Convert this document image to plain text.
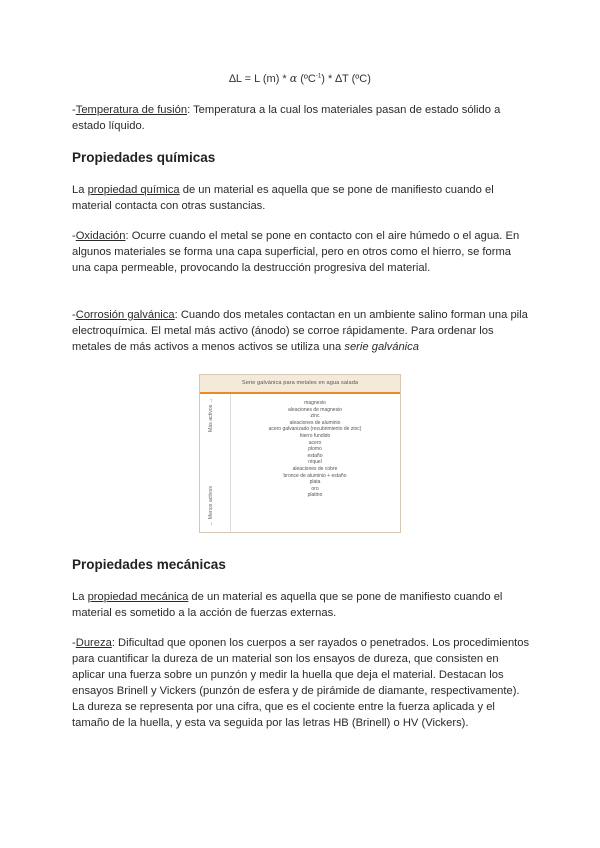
∆L = L (m) * α (ºC$^{-1}$) * ∆T (ºC)

-Temperatura de fusión: Temperatura a la cual los materiales pasan de estado sólido a estado líquido.

Propiedades químicas

La propiedad química de un material es aquella que se pone de manifiesto cuando el material contacta con otras sustancias.

-Oxidación: Ocurre cuando el metal se pone en contacto con el aire húmedo o el agua. En algunos materiales se forma una capa superficial, pero en otros como el hierro, se forma una capa permeable, provocando la destrucción progresiva del material.

-Corrosión galvánica: Cuando dos metales contactan en un ambiente salino forman una pila electroquímica. El metal más activo (ánodo) se corroe rápidamente. Para ordenar los metales de más activos a menos activos se utiliza una serie galvánica

Serie galvánica para metales en agua salada
Más activos →
← Menos activos
magnesio
aleaciones de magnesio
zinc
aleaciones de aluminio
acero galvanizado (recubrimiento de zinc)
hierro fundido
acero
plomo
estaño
níquel
aleaciones de cobre
bronce de aluminio + estaño
plata
oro
platino
Propiedades mecánicas

La propiedad mecánica de un material es aquella que se pone de manifiesto cuando el material es sometido a la acción de fuerzas externas.

-Dureza: Dificultad que oponen los cuerpos a ser rayados o penetrados. Los procedimientos para cuantificar la dureza de un material son los ensayos de dureza, que consisten en aplicar una fuerza sobre un punzón y medir la huella que deja el material. Destacan los ensayos Brinell y Vickers (punzón de esfera y de pirámide de diamante, respectivamente). La dureza se representa por una cifra, que es el cociente entre la fuerza aplicada y el tamaño de la huella, y esta va seguida por las letras HB (Brinell) o HV (Vickers).
